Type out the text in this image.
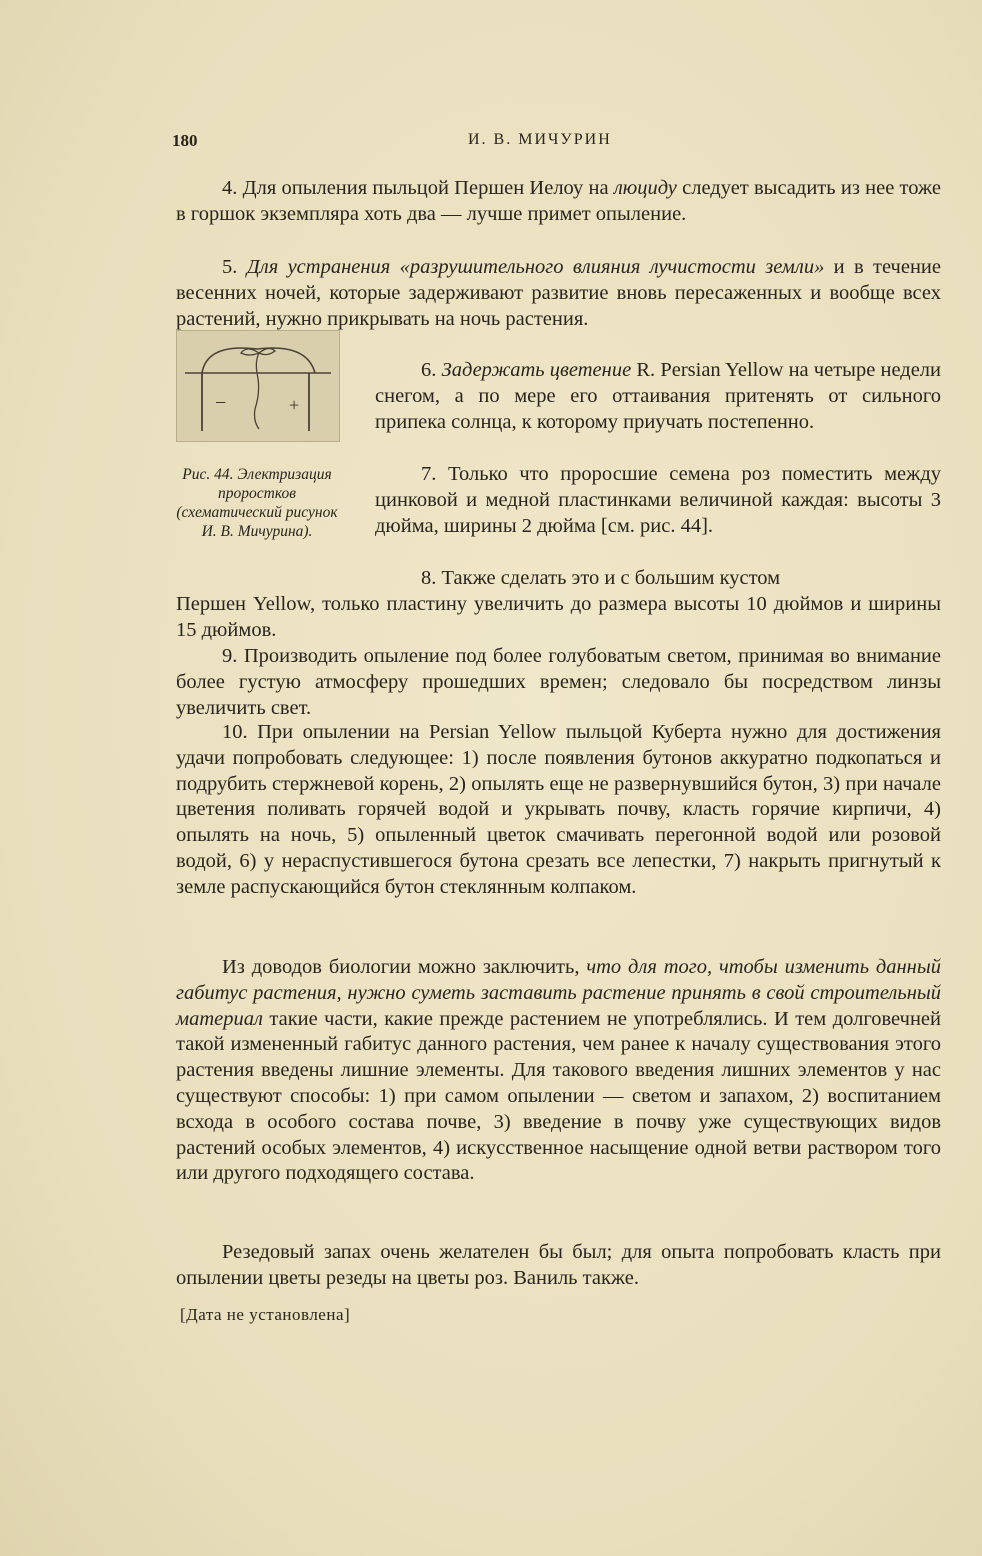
180	И. В. МИЧУРИН

4. Для опыления пыльцой Першен Иелоу на люциду следует высадить из нее тоже в горшок экземпляра хоть два — лучше примет опыление.

5. Для устранения «разрушительного влияния лучистости земли» и в течение весенних ночей, которые задерживают развитие вновь пересаженных и вообще всех растений, нужно прикрывать на ночь растения.

−	+
Рис. 44. Электризация проростков (схематический рисунок И. В. Мичурина).

6. Задержать цветение R. Persian Yellow на четыре недели снегом, а по мере его оттаивания притенять от сильного припека солнца, к которому приучать постепенно.

7. Только что проросшие семена роз поместить между цинковой и медной пластинками величиной каждая: высоты 3 дюйма, ширины 2 дюйма [см. рис. 44].

8. Также сделать это и с большим кустом

Першен Yellow, только пластину увеличить до размера высоты 10 дюймов и ширины 15 дюймов.

9. Производить опыление под более голубоватым светом, принимая во внимание более густую атмосферу прошедших времен; следовало бы посредством линзы увеличить свет.

10. При опылении на Persian Yellow пыльцой Куберта нужно для достижения удачи попробовать следующее: 1) после появления бутонов аккуратно подкопаться и подрубить стержневой корень, 2) опылять еще не развернувшийся бутон, 3) при начале цветения поливать горячей водой и укрывать почву, класть горячие кирпичи, 4) опылять на ночь, 5) опыленный цветок смачивать перегонной водой или розовой водой, 6) у нераспустившегося бутона срезать все лепестки, 7) накрыть пригнутый к земле распускающийся бутон стеклянным колпаком.

Из доводов биологии можно заключить, что для того, чтобы изменить данный габитус растения, нужно суметь заставить растение принять в свой строительный материал такие части, какие прежде растением не употреблялись. И тем долговечней такой измененный габитус данного растения, чем ранее к началу существования этого растения введены лишние элементы. Для такового введения лишних элементов у нас существуют способы: 1) при самом опылении — светом и запахом, 2) воспитанием всхода в особого состава почве, 3) введение в почву уже существующих видов растений особых элементов, 4) искусственное насыщение одной ветви раствором того или другого подходящего состава.

Резедовый запах очень желателен бы был; для опыта попробовать класть при опылении цветы резеды на цветы роз. Ваниль также.

[Дата не установлена]
